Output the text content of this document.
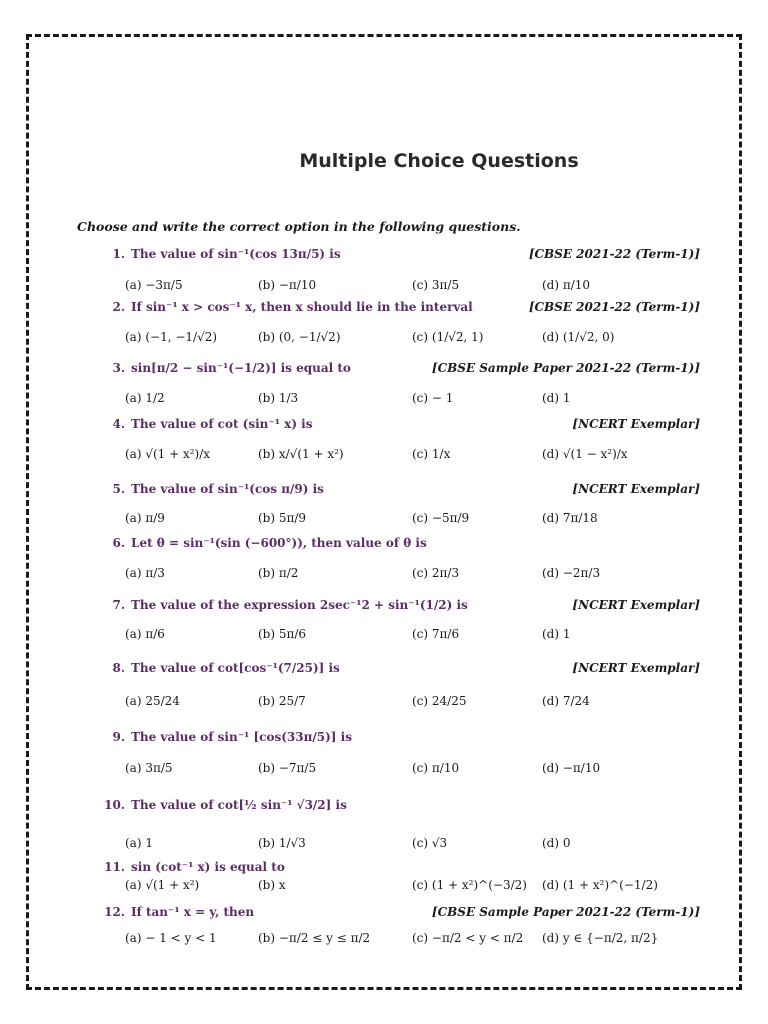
Multiple Choice Questions
Choose and write the correct option in the following questions.
1. The value of sin⁻¹(cos 13π/5) is	[CBSE 2021-22 (Term-1)]
(a) −3π/5	(b) −π/10	(c) 3π/5	(d) π/10
2. If sin⁻¹ x > cos⁻¹ x, then x should lie in the interval	[CBSE 2021-22 (Term-1)]
(a) (−1, −1/√2)	(b) (0, −1/√2)	(c) (1/√2, 1)	(d) (1/√2, 0)
3. sin[π/2 − sin⁻¹(−1/2)] is equal to	[CBSE Sample Paper 2021-22 (Term-1)]
(a) 1/2	(b) 1/3	(c) − 1	(d) 1
4. The value of cot (sin⁻¹ x) is	[NCERT Exemplar]
(a) √(1 + x²)/x	(b) x/√(1 + x²)	(c) 1/x	(d) √(1 − x²)/x
5. The value of sin⁻¹(cos π/9) is	[NCERT Exemplar]
(a) π/9	(b) 5π/9	(c) −5π/9	(d) 7π/18
6. Let θ = sin⁻¹(sin (−600°)), then value of θ is
(a) π/3	(b) π/2	(c) 2π/3	(d) −2π/3
7. The value of the expression 2sec⁻¹2 + sin⁻¹(1/2) is	[NCERT Exemplar]
(a) π/6	(b) 5π/6	(c) 7π/6	(d) 1
8. The value of cot[cos⁻¹(7/25)] is	[NCERT Exemplar]
(a) 25/24	(b) 25/7	(c) 24/25	(d) 7/24
9. The value of sin⁻¹ [cos(33π/5)] is
(a) 3π/5	(b) −7π/5	(c) π/10	(d) −π/10
10. The value of cot[½ sin⁻¹ √3/2] is
(a) 1	(b) 1/√3	(c) √3	(d) 0
11. sin (cot⁻¹ x) is equal to
(a) √(1 + x²)	(b) x	(c) (1 + x²)^(−3/2) (d) (1 + x²)^(−1/2)
12. If tan⁻¹ x = y, then	[CBSE Sample Paper 2021-22 (Term-1)]
(a) − 1 < y < 1	(b) −π/2 ≤ y ≤ π/2	(c) −π/2 < y < π/2 (d) y ∈ {−π/2, π/2}
